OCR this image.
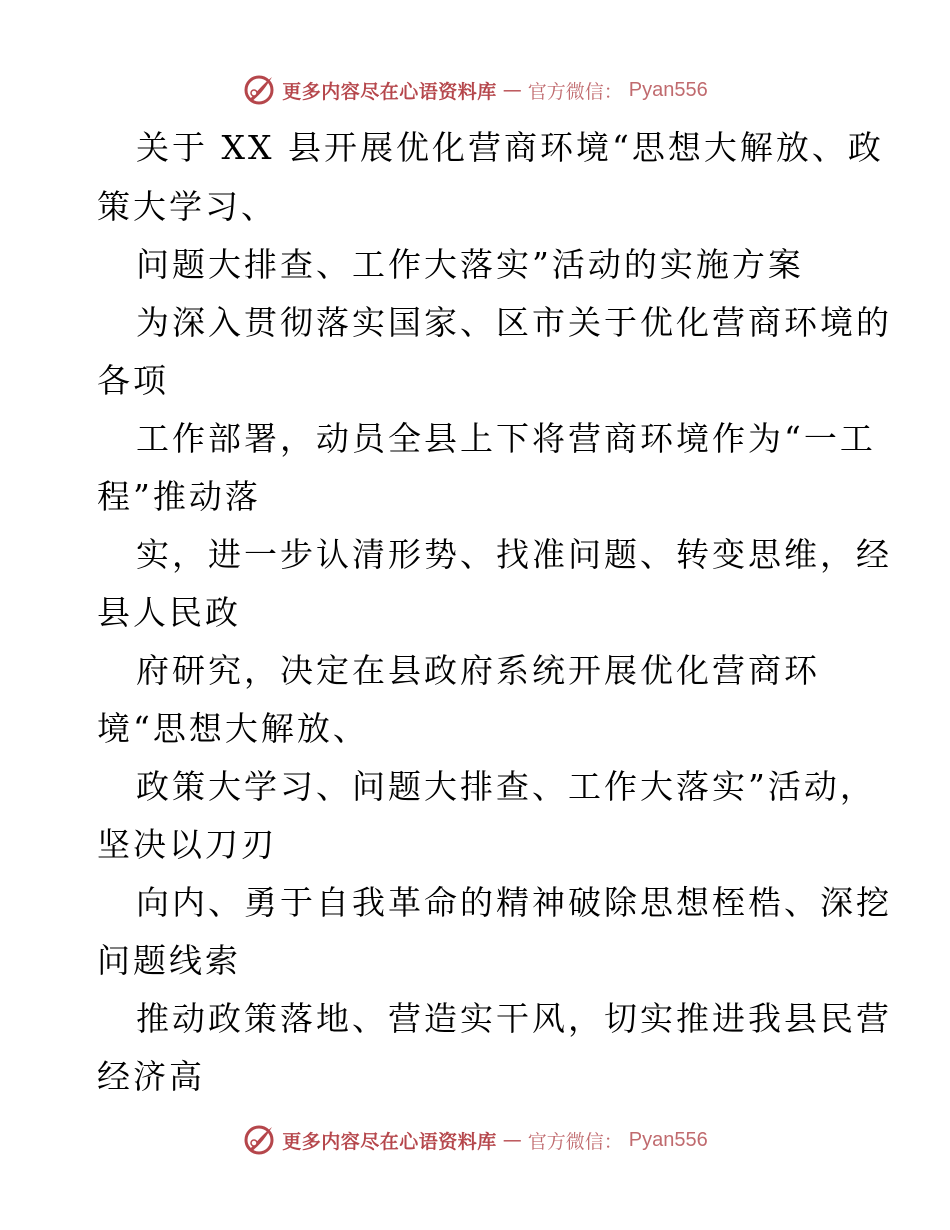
更多内容尽在心语资料库 — 官方微信： Pyan556
关于 XX 县开展优化营商环境“思想大解放、政
策大学习、
问题大排查、工作大落实”活动的实施方案
为深入贯彻落实国家、区市关于优化营商环境的
各项
工作部署，动员全县上下将营商环境作为“一工
程”推动落
实，进一步认清形势、找准问题、转变思维，经
县人民政
府研究，决定在县政府系统开展优化营商环
境“思想大解放、
政策大学习、问题大排查、工作大落实”活动，
坚决以刀刃
向内、勇于自我革命的精神破除思想桎梏、深挖
问题线索
推动政策落地、营造实干风，切实推进我县民营
经济高
更多内容尽在心语资料库 — 官方微信： Pyan556
